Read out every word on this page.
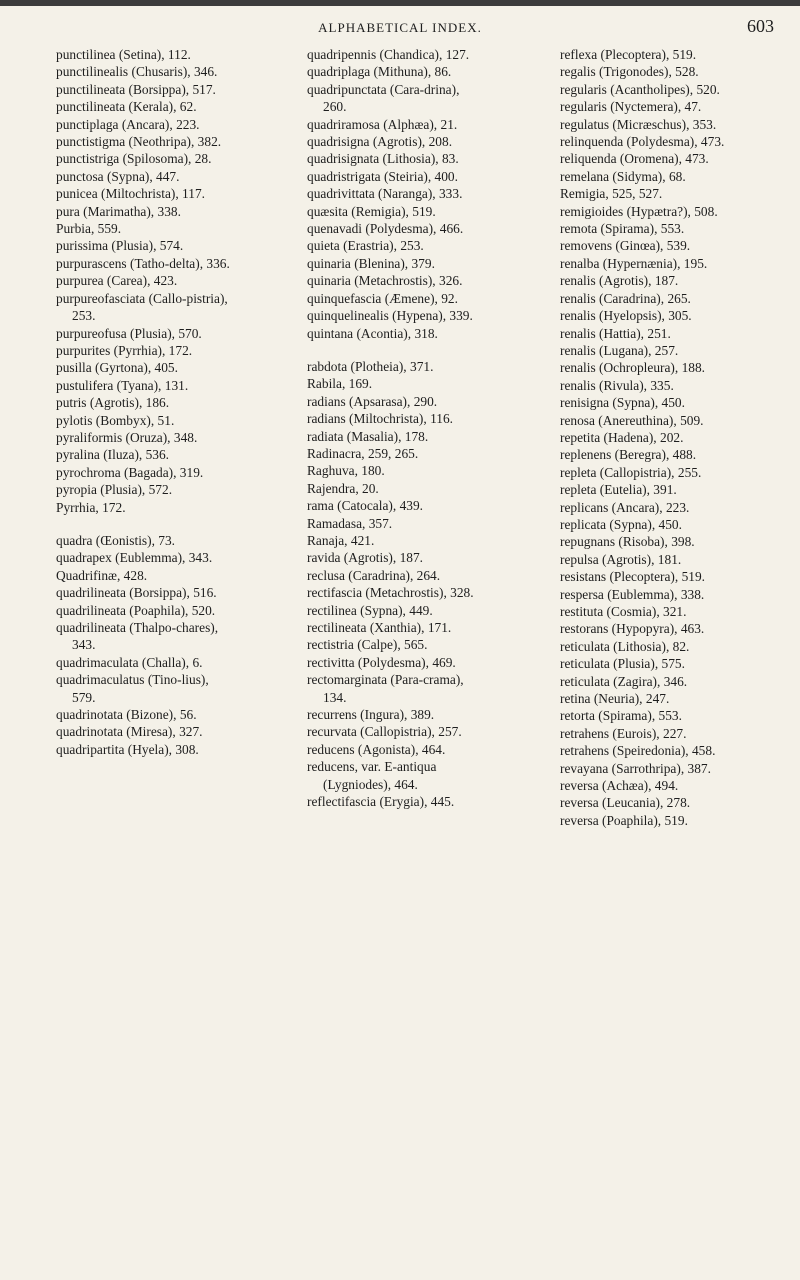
ALPHABETICAL INDEX.	603
punctilinea (Setina), 112.
punctilinealis (Chusaris), 346.
punctilineata (Borsippa), 517.
punctilineata (Kerala), 62.
punctiplaga (Ancara), 223.
punctistigma (Neothripa), 382.
punctistriga (Spilosoma), 28.
punctosa (Sypna), 447.
punicea (Miltochrista), 117.
pura (Marimatha), 338.
Purbia, 559.
purissima (Plusia), 574.
purpurascens (Tatho-delta), 336.
purpurea (Carea), 423.
purpureofasciata (Callo-pistria), 253.
purpureofusa (Plusia), 570.
purpurites (Pyrrhia), 172.
pusilla (Gyrtona), 405.
pustulifera (Tyana), 131.
putris (Agrotis), 186.
pylotis (Bombyx), 51.
pyraliformis (Oruza), 348.
pyralina (Iluza), 536.
pyrochroma (Bagada), 319.
pyropia (Plusia), 572.
Pyrrhia, 172.
quadra (Œonistis), 73.
quadrapex (Eublemma), 343.
Quadrifinæ, 428.
quadrilineata (Borsippa), 516.
quadrilineata (Poaphila), 520.
quadrilineata (Thalpo-chares), 343.
quadrimaculata (Challa), 6.
quadrimaculatus (Tino-lius), 579.
quadrinotata (Bizone), 56.
quadrinotata (Miresa), 327.
quadripartita (Hyela), 308.
quadripennis (Chandica), 127.
quadriplaga (Mithuna), 86.
quadripunctata (Cara-drina), 260.
quadriramosa (Alphæa), 21.
quadrisigna (Agrotis), 208.
quadrisignata (Lithosia), 83.
quadristrigata (Steiria), 400.
quadrivittata (Naranga), 333.
quæsita (Remigia), 519.
quenavadi (Polydesma), 466.
quieta (Erastria), 253.
quinaria (Blenina), 379.
quinaria (Metachrostis), 326.
quinquefascia (Æmene), 92.
quinquelinealis (Hypena), 339.
quintana (Acontia), 318.
rabdota (Plotheia), 371.
Rabila, 169.
radians (Apsarasa), 290.
radians (Miltochrista), 116.
radiata (Masalia), 178.
Radinacra, 259, 265.
Raghuva, 180.
Rajendra, 20.
rama (Catocala), 439.
Ramadasa, 357.
Ranaja, 421.
ravida (Agrotis), 187.
reclusa (Caradrina), 264.
rectifascia (Metachrostis), 328.
rectilinea (Sypna), 449.
rectilineata (Xanthia), 171.
rectistria (Calpe), 565.
rectivitta (Polydesma), 469.
rectomarginata (Para-crama), 134.
recurrens (Ingura), 389.
recurvata (Callopistria), 257.
reducens (Agonista), 464.
reducens, var. E-antiqua (Lygniodes), 464.
reflectifascia (Erygia), 445.
reflexa (Plecoptera), 519.
regalis (Trigonodes), 528.
regularis (Acantholipes), 520.
regularis (Nyctemera), 47.
regulatus (Micræschus), 353.
relinquenda (Polydesma), 473.
reliquenda (Oromena), 473.
remelana (Sidyma), 68.
Remigia, 525, 527.
remigioides (Hypætra?), 508.
remota (Spirama), 553.
removens (Ginœa), 539.
renalba (Hypernænia), 195.
renalis (Agrotis), 187.
renalis (Caradrina), 265.
renalis (Hyelopsis), 305.
renalis (Hattia), 251.
renalis (Lugana), 257.
renalis (Ochropleura), 188.
renalis (Rivula), 335.
renisigna (Sypna), 450.
renosa (Anereuthina), 509.
repetita (Hadena), 202.
replenens (Beregra), 488.
repleta (Callopistria), 255.
repleta (Eutelia), 391.
replicans (Ancara), 223.
replicata (Sypna), 450.
repugnans (Risoba), 398.
repulsa (Agrotis), 181.
resistans (Plecoptera), 519.
respersa (Eublemma), 338.
restituta (Cosmia), 321.
restorans (Hypopyra), 463.
reticulata (Lithosia), 82.
reticulata (Plusia), 575.
reticulata (Zagira), 346.
retina (Neuria), 247.
retorta (Spirama), 553.
retrahens (Eurois), 227.
retrahens (Speiredonia), 458.
revayana (Sarrothripa), 387.
reversa (Achæa), 494.
reversa (Leucania), 278.
reversa (Poaphila), 519.
